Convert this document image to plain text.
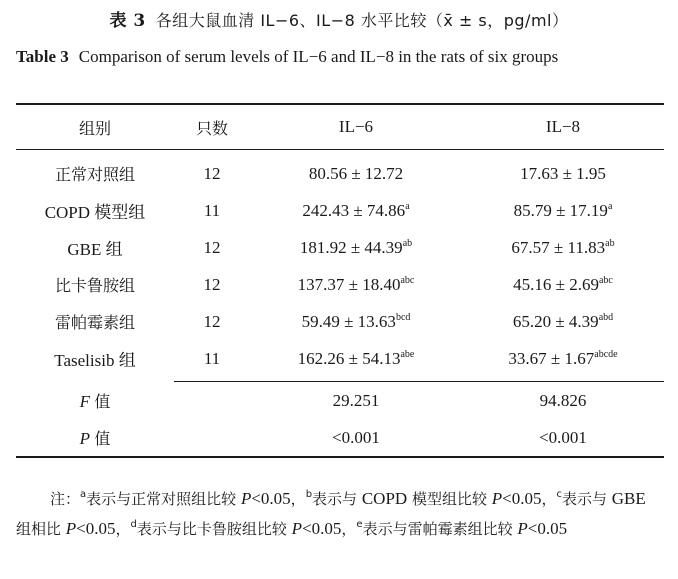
表 3 各组大鼠血清 IL−6、IL−8 水平比较（x̄ ± s，pg/ml）
Table 3 Comparison of serum levels of IL−6 and IL−8 in the rats of six groups
组别	只数	IL−6	IL−8
正常对照组	12	80.56 ± 12.72	17.63 ± 1.95
COPD 模型组	11	242.43 ± 74.86$^a$	85.79 ± 17.19$^a$
GBE 组	12	181.92 ± 44.39$^{ab}$	67.57 ± 11.83$^{ab}$
比卡鲁胺组	12	137.37 ± 18.40$^{abc}$	45.16 ± 2.69$^{abc}$
雷帕霉素组	12	59.49 ± 13.63$^{bcd}$	65.20 ± 4.39$^{abd}$
Taselisib 组	11	162.26 ± 54.13$^{abe}$	$33.67 \pm 1.67^{abcde}$
F 值		29.251	94.826
P 值		<0.001	<0.001
注：$^a$表示与正常对照组比较 P<0.05，$^b$表示与 COPD 模型组比较 P<0.05，$^c$表示与 GBE 组相比 P<0.05，$^d$表示与比卡鲁胺组比较 P<0.05，$^e$表示与雷帕霉素组比较 P<0.05
